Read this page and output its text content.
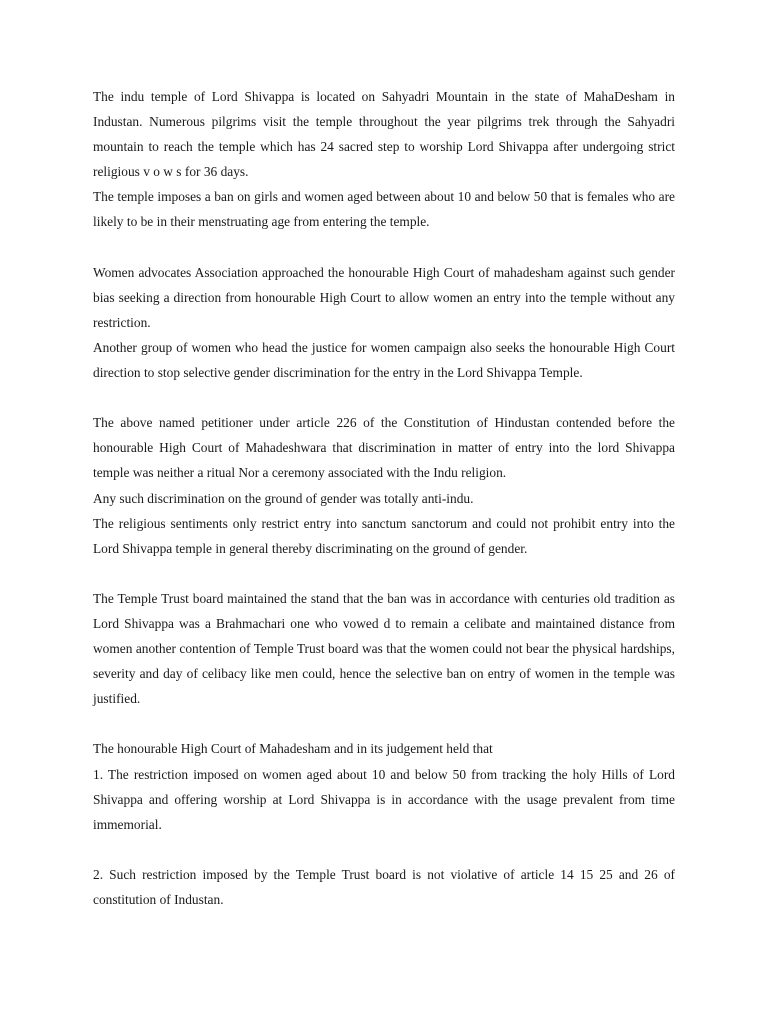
The indu temple of Lord Shivappa is located on Sahyadri Mountain in the state of MahaDesham in Industan. Numerous pilgrims visit the temple throughout the year pilgrims trek through the Sahyadri mountain to reach the temple which has 24 sacred step to worship Lord Shivappa after undergoing strict religious v o w s for 36 days.

The temple imposes a ban on girls and women aged between about 10 and below 50 that is females who are likely to be in their menstruating age from entering the temple.

Women advocates Association approached the honourable High Court of mahadesham against such gender bias seeking a direction from honourable High Court to allow women an entry into the temple without any restriction.

Another group of women who head the justice for women campaign also seeks the honourable High Court direction to stop selective gender discrimination for the entry in the Lord Shivappa Temple.

The above named petitioner under article 226 of the Constitution of Hindustan contended before the honourable High Court of Mahadeshwara that discrimination in matter of entry into the lord Shivappa temple was neither a ritual Nor a ceremony associated with the Indu religion.

Any such discrimination on the ground of gender was totally anti-indu.

The religious sentiments only restrict entry into sanctum sanctorum and could not prohibit entry into the Lord Shivappa temple in general thereby discriminating on the ground of gender.

The Temple Trust board maintained the stand that the ban was in accordance with centuries old tradition as Lord Shivappa was a Brahmachari one who vowed d to remain a celibate and maintained distance from women another contention of Temple Trust board was that the women could not bear the physical hardships, severity and day of celibacy like men could, hence the selective ban on entry of women in the temple was justified.

The honourable High Court of Mahadesham and in its judgement held that

1. The restriction imposed on women aged about 10 and below 50 from tracking the holy Hills of Lord Shivappa and offering worship at Lord Shivappa is in accordance with the usage prevalent from time immemorial.

2. Such restriction imposed by the Temple Trust board is not violative of article 14 15 25 and 26 of constitution of Industan.
